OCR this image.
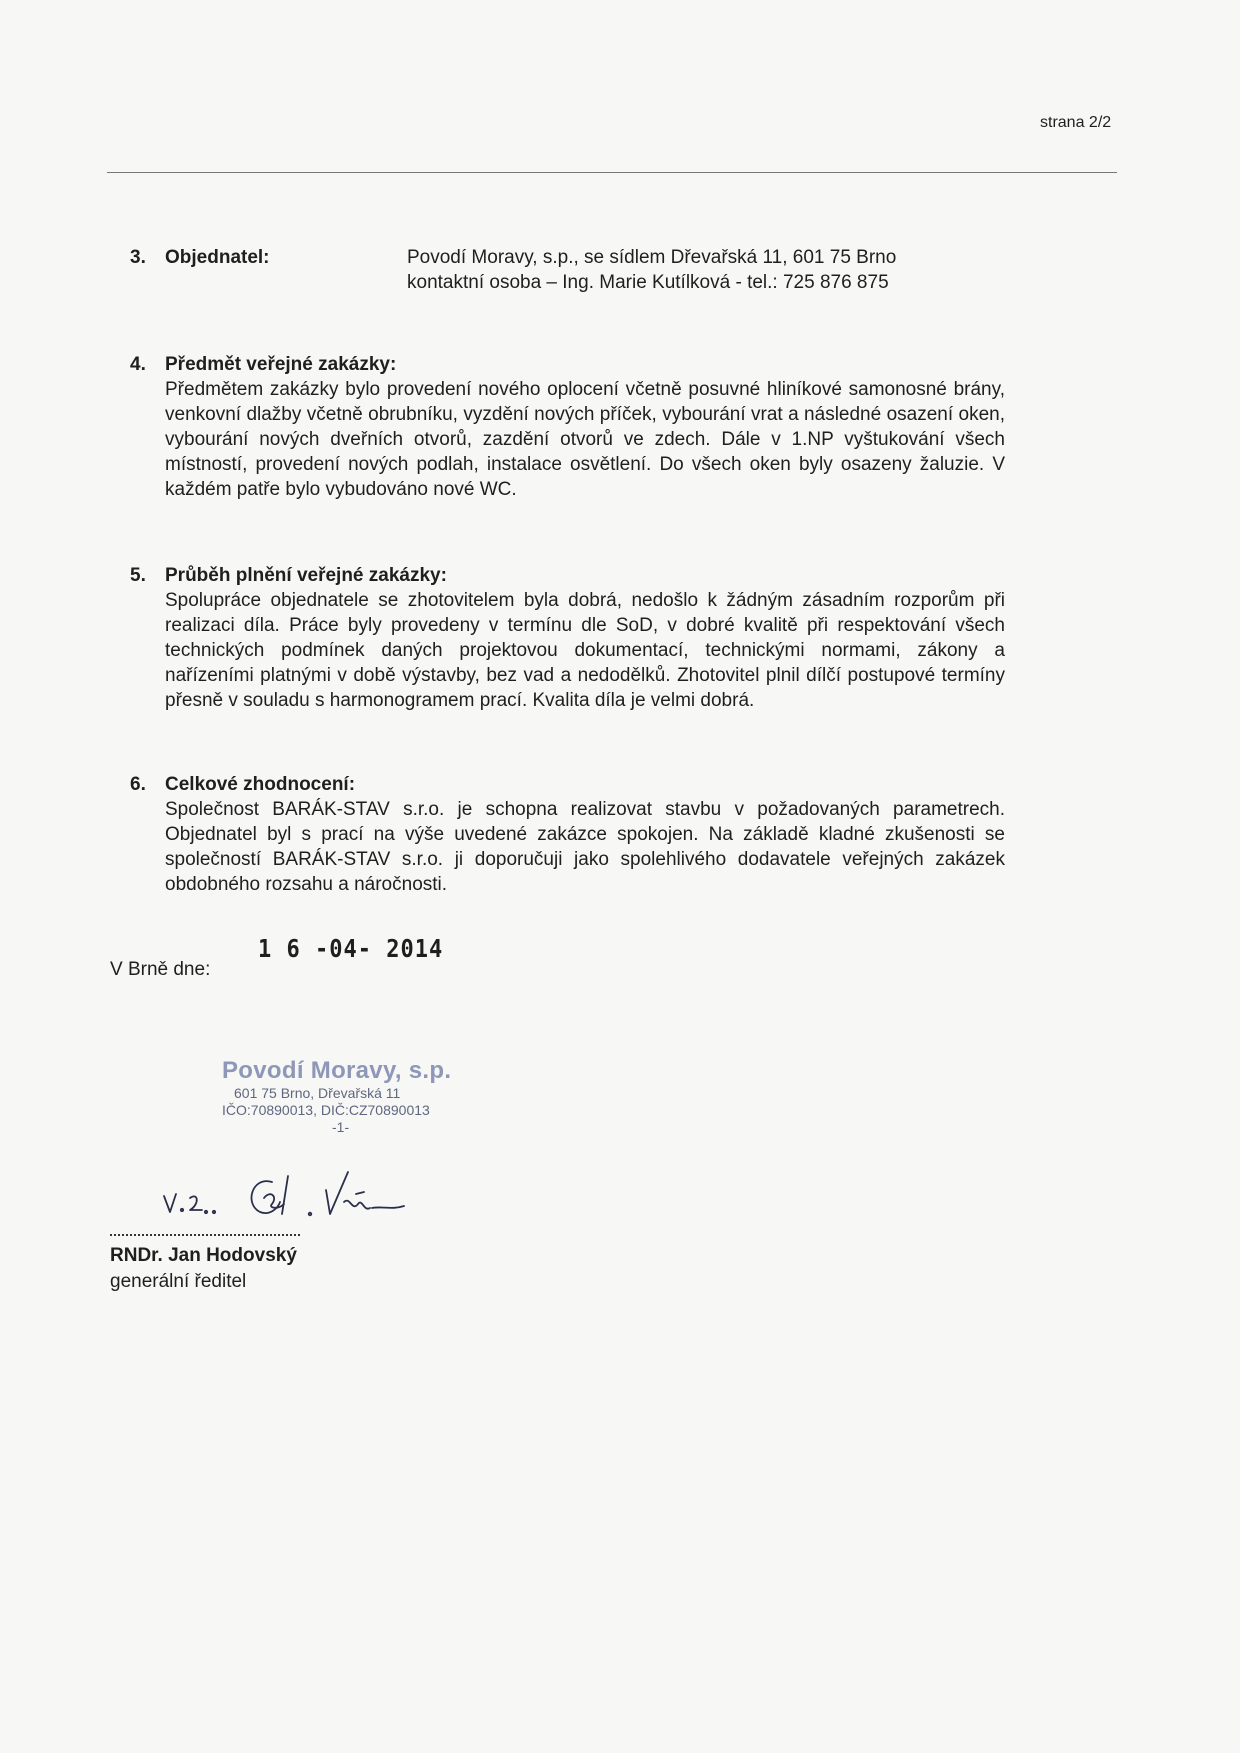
strana 2/2
3. Objednatel:	Povodí Moravy, s.p., se sídlem Dřevařská 11, 601 75 Brno
kontaktní osoba – Ing. Marie Kutílková - tel.: 725 876 875
4. Předmět veřejné zakázky:
Předmětem zakázky bylo provedení nového oplocení včetně posuvné hliníkové samonosné brány, venkovní dlažby včetně obrubníku, vyzdění nových příček, vybourání vrat a následné osazení oken, vybourání nových dveřních otvorů, zazdění otvorů ve zdech. Dále v 1.NP vyštukování všech místností, provedení nových podlah, instalace osvětlení. Do všech oken byly osazeny žaluzie. V každém patře bylo vybudováno nové WC.
5. Průběh plnění veřejné zakázky:
Spolupráce objednatele se zhotovitelem byla dobrá, nedošlo k žádným zásadním rozporům při realizaci díla. Práce byly provedeny v termínu dle SoD, v dobré kvalitě při respektování všech technických podmínek daných projektovou dokumentací, technickými normami, zákony a nařízeními platnými v době výstavby, bez vad a nedodělků. Zhotovitel plnil dílčí postupové termíny přesně v souladu s harmonogramem prací. Kvalita díla je velmi dobrá.
6. Celkové zhodnocení:
Společnost BARÁK-STAV s.r.o. je schopna realizovat stavbu v požadovaných parametrech. Objednatel byl s prací na výše uvedené zakázce spokojen. Na základě kladné zkušenosti se společností BARÁK-STAV s.r.o. ji doporučuji jako spolehlivého dodavatele veřejných zakázek obdobného rozsahu a náročnosti.
V Brně dne:
1 6 -04- 2014
Povodí Moravy, s.p.
601 75 Brno, Dřevařská 11
IČO:70890013, DIČ:CZ70890013
-1-
RNDr. Jan Hodovský
generální ředitel
